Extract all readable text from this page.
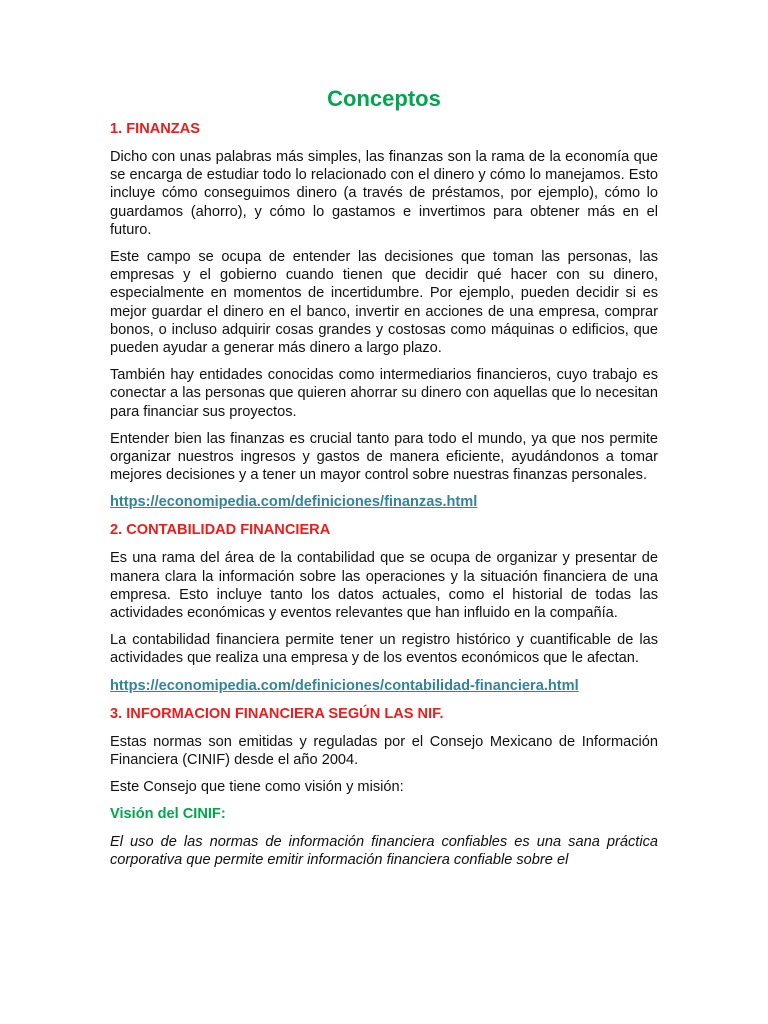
Conceptos
1. FINANZAS

Dicho con unas palabras más simples, las finanzas son la rama de la economía que se encarga de estudiar todo lo relacionado con el dinero y cómo lo manejamos. Esto incluye cómo conseguimos dinero (a través de préstamos, por ejemplo), cómo lo guardamos (ahorro), y cómo lo gastamos e invertimos para obtener más en el futuro.

Este campo se ocupa de entender las decisiones que toman las personas, las empresas y el gobierno cuando tienen que decidir qué hacer con su dinero, especialmente en momentos de incertidumbre. Por ejemplo, pueden decidir si es mejor guardar el dinero en el banco, invertir en acciones de una empresa, comprar bonos, o incluso adquirir cosas grandes y costosas como máquinas o edificios, que pueden ayudar a generar más dinero a largo plazo.

También hay entidades conocidas como intermediarios financieros, cuyo trabajo es conectar a las personas que quieren ahorrar su dinero con aquellas que lo necesitan para financiar sus proyectos.

Entender bien las finanzas es crucial tanto para todo el mundo, ya que nos permite organizar nuestros ingresos y gastos de manera eficiente, ayudándonos a tomar mejores decisiones y a tener un mayor control sobre nuestras finanzas personales.

https://economipedia.com/definiciones/finanzas.html
2. CONTABILIDAD FINANCIERA

Es una rama del área de la contabilidad que se ocupa de organizar y presentar de manera clara la información sobre las operaciones y la situación financiera de una empresa. Esto incluye tanto los datos actuales, como el historial de todas las actividades económicas y eventos relevantes que han influido en la compañía.

La contabilidad financiera permite tener un registro histórico y cuantificable de las actividades que realiza una empresa y de los eventos económicos que le afectan.

https://economipedia.com/definiciones/contabilidad-financiera.html
3. INFORMACION FINANCIERA SEGÚN LAS NIF.

Estas normas son emitidas y reguladas por el Consejo Mexicano de Información Financiera (CINIF) desde el año 2004.

Este Consejo que tiene como visión y misión:

Visión del CINIF:

El uso de las normas de información financiera confiables es una sana práctica corporativa que permite emitir información financiera confiable sobre el
